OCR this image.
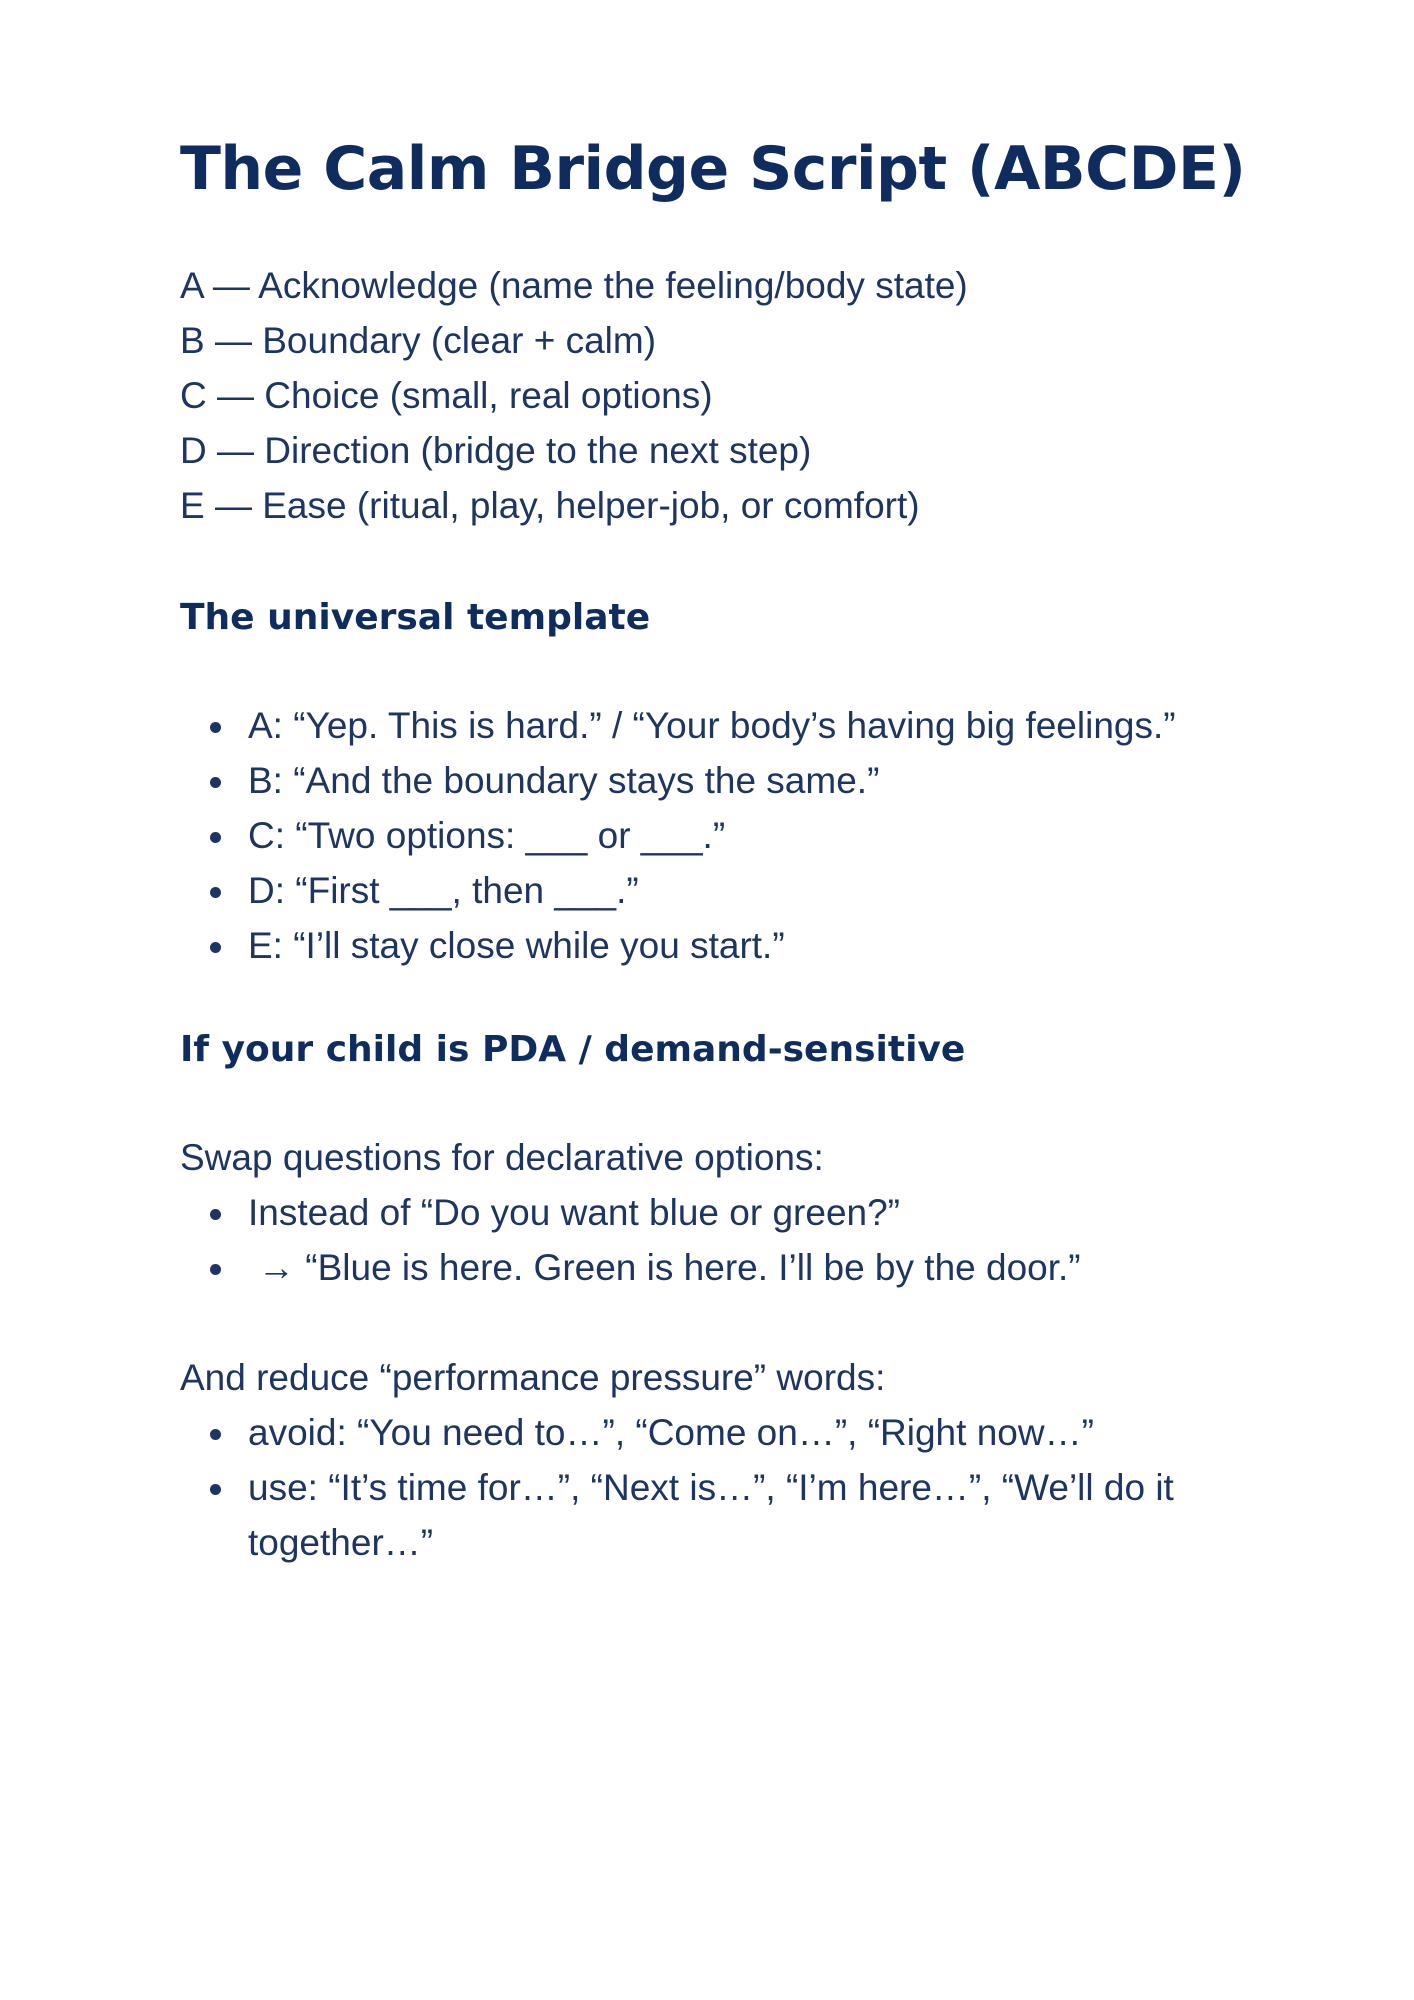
The Calm Bridge Script (ABCDE)
A — Acknowledge (name the feeling/body state)
B — Boundary (clear + calm)
C — Choice (small, real options)
D — Direction (bridge to the next step)
E — Ease (ritual, play, helper-job, or comfort)
The universal template
A: “Yep. This is hard.” / “Your body’s having big feelings.”
B: “And the boundary stays the same.”
C: “Two options: ___ or ___.”
D: “First ___, then ___.”
E: “I’ll stay close while you start.”
If your child is PDA / demand-sensitive

Swap questions for declarative options:

Instead of “Do you want blue or green?”
→ “Blue is here. Green is here. I’ll be by the door.”

And reduce “performance pressure” words:

avoid: “You need to…”, “Come on…”, “Right now…”
use: “It’s time for…”, “Next is…”, “I’m here…”, “We’ll do it together…”
